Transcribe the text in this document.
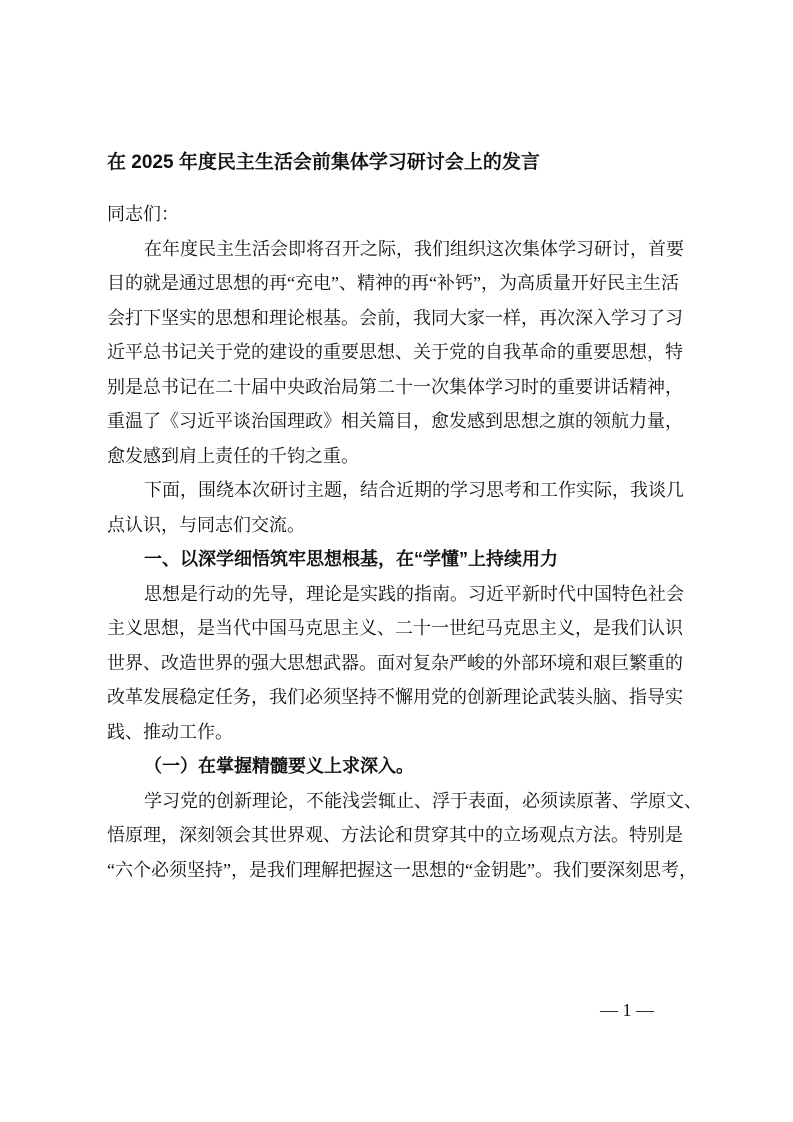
在 2025 年度民主生活会前集体学习研讨会上的发言
同志们：
在年度民主生活会即将召开之际，我们组织这次集体学习研讨，首要
目的就是通过思想的再“充电”、精神的再“补钙”，为高质量开好民主生活
会打下坚实的思想和理论根基。会前，我同大家一样，再次深入学习了习
近平总书记关于党的建设的重要思想、关于党的自我革命的重要思想，特
别是总书记在二十届中央政治局第二十一次集体学习时的重要讲话精神，
重温了《习近平谈治国理政》相关篇目，愈发感到思想之旗的领航力量，
愈发感到肩上责任的千钧之重。
下面，围绕本次研讨主题，结合近期的学习思考和工作实际，我谈几
点认识，与同志们交流。
一、以深学细悟筑牢思想根基，在“学懂”上持续用力
思想是行动的先导，理论是实践的指南。习近平新时代中国特色社会
主义思想，是当代中国马克思主义、二十一世纪马克思主义，是我们认识
世界、改造世界的强大思想武器。面对复杂严峻的外部环境和艰巨繁重的
改革发展稳定任务，我们必须坚持不懈用党的创新理论武装头脑、指导实
践、推动工作。
（一）在掌握精髓要义上求深入。
学习党的创新理论，不能浅尝辄止、浮于表面，必须读原著、学原文、
悟原理，深刻领会其世界观、方法论和贯穿其中的立场观点方法。特别是
“六个必须坚持”，是我们理解把握这一思想的“金钥匙”。我们要深刻思考，
— 1 —
